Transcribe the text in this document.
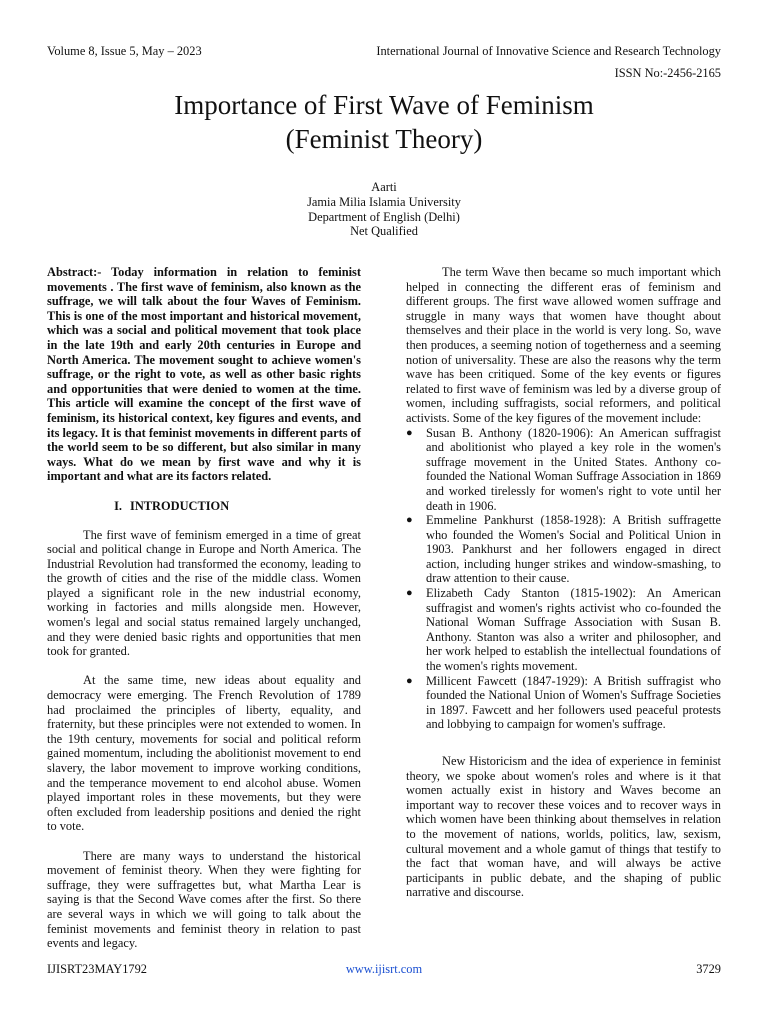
Volume 8, Issue 5, May – 2023	International Journal of Innovative Science and Research Technology
ISSN No:-2456-2165
Importance of First Wave of Feminism
(Feminist Theory)
Aarti
Jamia Milia Islamia University
Department of English (Delhi)
Net Qualified

Abstract:- Today information in relation to feminist movements . The first wave of feminism, also known as the suffrage, we will talk about the four Waves of Feminism. This is one of the most important and historical movement, which was a social and political movement that took place in the late 19th and early 20th centuries in Europe and North America. The movement sought to achieve women's suffrage, or the right to vote, as well as other basic rights and opportunities that were denied to women at the time. This article will examine the concept of the first wave of feminism, its historical context, key figures and events, and its legacy. It is that feminist movements in different parts of the world seem to be so different, but also similar in many ways. What do we mean by first wave and why it is important and what are its factors related.

I. INTRODUCTION

The first wave of feminism emerged in a time of great social and political change in Europe and North America. The Industrial Revolution had transformed the economy, leading to the growth of cities and the rise of the middle class. Women played a significant role in the new industrial economy, working in factories and mills alongside men. However, women's legal and social status remained largely unchanged, and they were denied basic rights and opportunities that men took for granted.

At the same time, new ideas about equality and democracy were emerging. The French Revolution of 1789 had proclaimed the principles of liberty, equality, and fraternity, but these principles were not extended to women. In the 19th century, movements for social and political reform gained momentum, including the abolitionist movement to end slavery, the labor movement to improve working conditions, and the temperance movement to end alcohol abuse. Women played important roles in these movements, but they were often excluded from leadership positions and denied the right to vote.

There are many ways to understand the historical movement of feminist theory. When they were fighting for suffrage, they were suffragettes but, what Martha Lear is saying is that the Second Wave comes after the first. So there are several ways in which we will going to talk about the feminist movements and feminist theory in relation to past events and legacy.

The term Wave then became so much important which helped in connecting the different eras of feminism and different groups. The first wave allowed women suffrage and struggle in many ways that women have thought about themselves and their place in the world is very long. So, wave then produces, a seeming notion of togetherness and a seeming notion of universality. These are also the reasons why the term wave has been critiqued. Some of the key events or figures related to first wave of feminism was led by a diverse group of women, including suffragists, social reformers, and political activists. Some of the key figures of the movement include:

● Susan B. Anthony (1820-1906): An American suffragist and abolitionist who played a key role in the women's suffrage movement in the United States. Anthony co-founded the National Woman Suffrage Association in 1869 and worked tirelessly for women's right to vote until her death in 1906.
● Emmeline Pankhurst (1858-1928): A British suffragette who founded the Women's Social and Political Union in 1903. Pankhurst and her followers engaged in direct action, including hunger strikes and window-smashing, to draw attention to their cause.
● Elizabeth Cady Stanton (1815-1902): An American suffragist and women's rights activist who co-founded the National Woman Suffrage Association with Susan B. Anthony. Stanton was also a writer and philosopher, and her work helped to establish the intellectual foundations of the women's rights movement.
● Millicent Fawcett (1847-1929): A British suffragist who founded the National Union of Women's Suffrage Societies in 1897. Fawcett and her followers used peaceful protests and lobbying to campaign for women's suffrage.

New Historicism and the idea of experience in feminist theory, we spoke about women's roles and where is it that women actually exist in history and Waves become an important way to recover these voices and to recover ways in which women have been thinking about themselves in relation to the movement of nations, worlds, politics, law, sexism, cultural movement and a whole gamut of things that testify to the fact that woman have, and will always be active participants in public debate, and the shaping of public narrative and discourse.

IJISRT23MAY1792	www.ijisrt.com	3729
